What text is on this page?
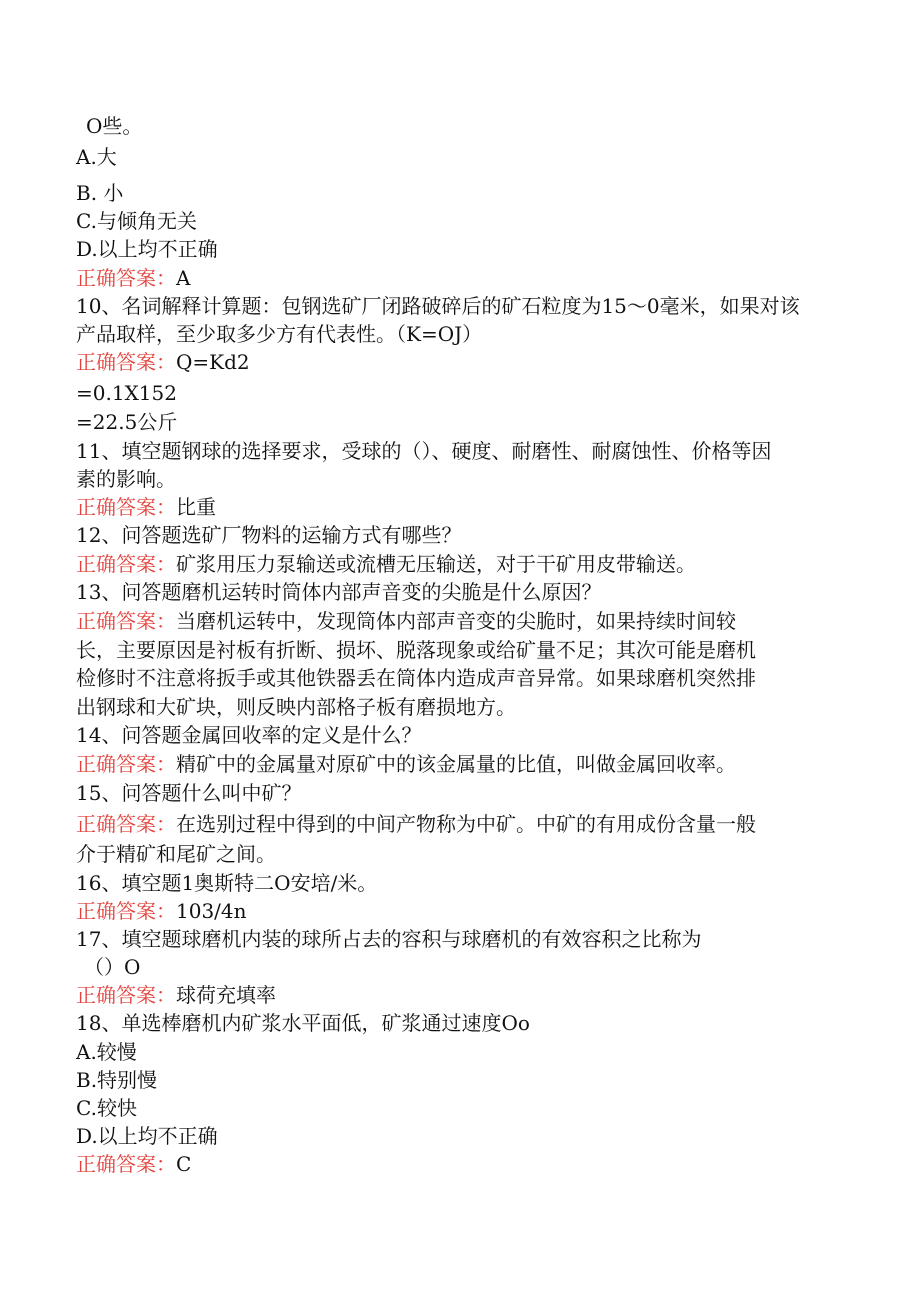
O些。
A.大
B. 小
C.与倾角无关
D.以上均不正确
正确答案：A
10、名词解释计算题：包钢选矿厂闭路破碎后的矿石粒度为15～0毫米，如果对该
产品取样，至少取多少方有代表性。（K=OJ）
正确答案：Q=Kd2
=0.1X152
=22.5公斤
11、填空题钢球的选择要求，受球的（）、硬度、耐磨性、耐腐蚀性、价格等因
素的影响。
正确答案：比重
12、问答题选矿厂物料的运输方式有哪些？
正确答案：矿浆用压力泵输送或流槽无压输送，对于干矿用皮带输送。
13、问答题磨机运转时筒体内部声音变的尖脆是什么原因？
正确答案：当磨机运转中，发现筒体内部声音变的尖脆时，如果持续时间较
长，主要原因是衬板有折断、损坏、脱落现象或给矿量不足；其次可能是磨机
检修时不注意将扳手或其他铁器丢在筒体内造成声音异常。如果球磨机突然排
出钢球和大矿块，则反映内部格子板有磨损地方。
14、问答题金属回收率的定义是什么？
正确答案：精矿中的金属量对原矿中的该金属量的比值，叫做金属回收率。
15、问答题什么叫中矿？
正确答案：在选别过程中得到的中间产物称为中矿。中矿的有用成份含量一般
介于精矿和尾矿之间。
16、填空题1奥斯特二O安培/米。
正确答案：103/4n
17、填空题球磨机内装的球所占去的容积与球磨机的有效容积之比称为
（）O
正确答案：球荷充填率
18、单选棒磨机内矿浆水平面低，矿浆通过速度Oo
A.较慢
B.特别慢
C.较快
D.以上均不正确
正确答案：C
